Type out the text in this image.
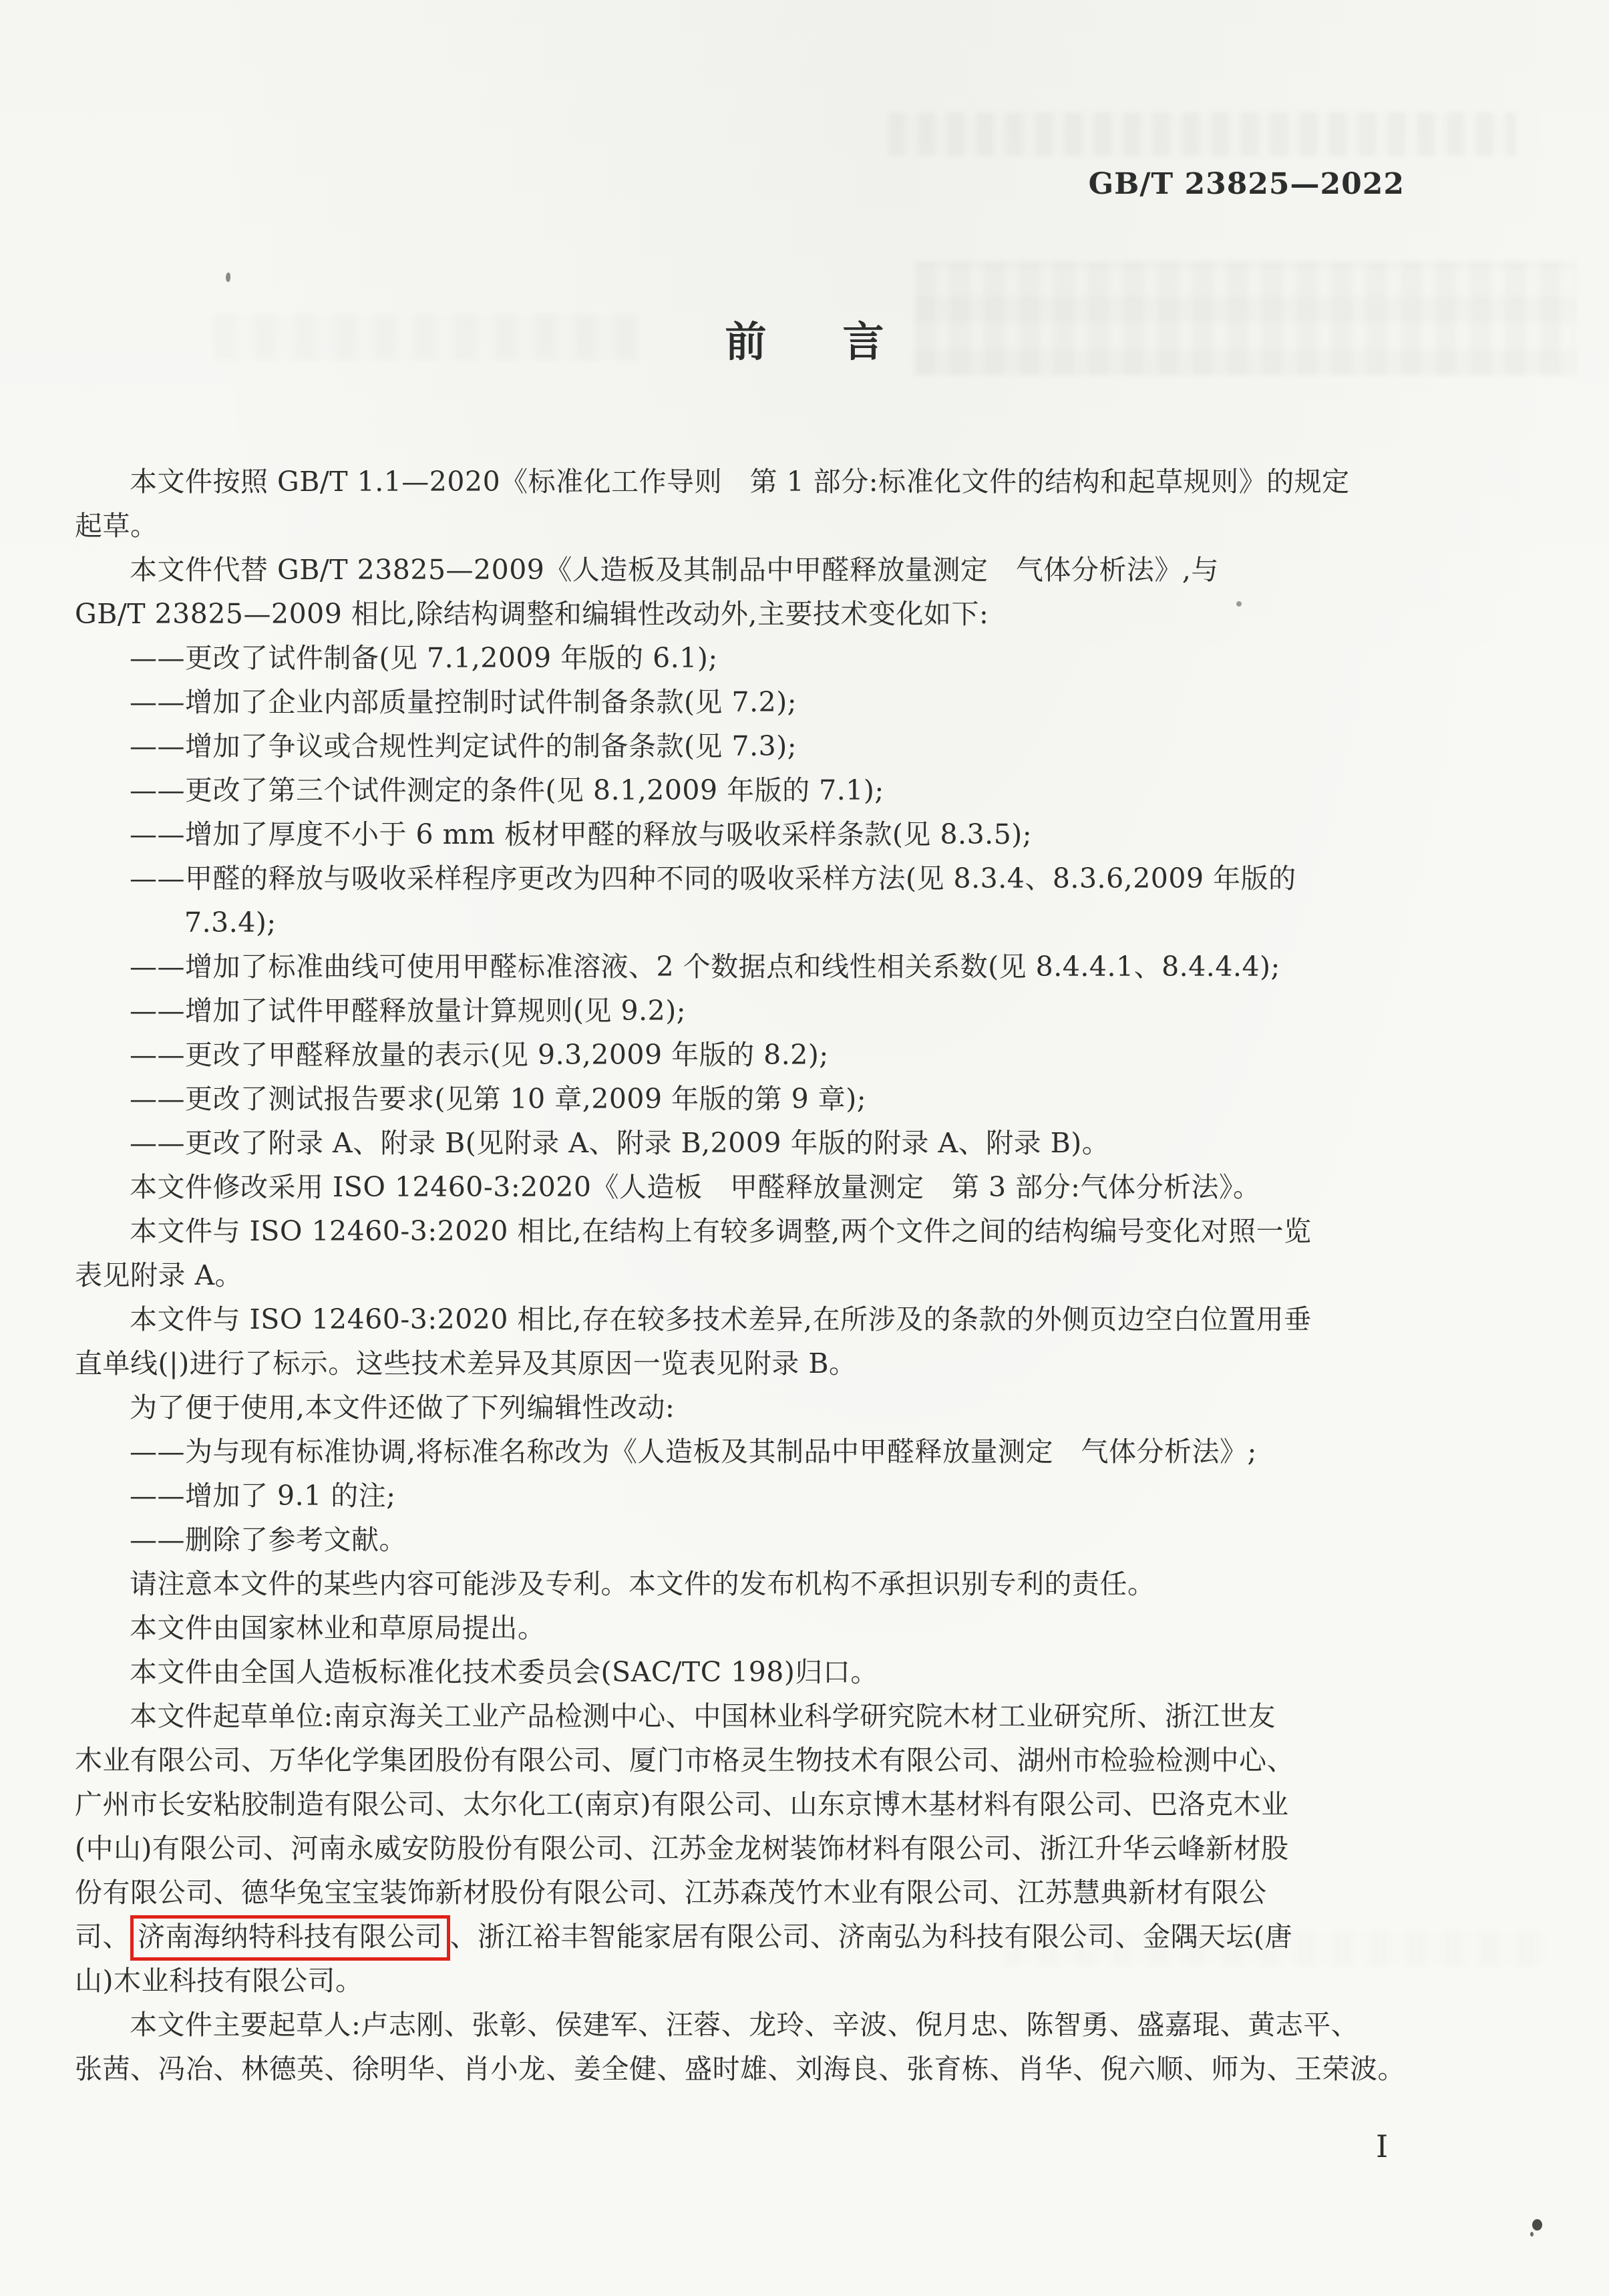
GB/T 23825—2022
前　言

本文件按照 GB/T 1.1—2020《标准化工作导则　第 1 部分:标准化文件的结构和起草规则》的规定

起草。

本文件代替 GB/T 23825—2009《人造板及其制品中甲醛释放量测定　气体分析法》,与

GB/T 23825—2009 相比,除结构调整和编辑性改动外,主要技术变化如下:

——更改了试件制备(见 7.1,2009 年版的 6.1);

——增加了企业内部质量控制时试件制备条款(见 7.2);

——增加了争议或合规性判定试件的制备条款(见 7.3);

——更改了第三个试件测定的条件(见 8.1,2009 年版的 7.1);

——增加了厚度不小于 6 mm 板材甲醛的释放与吸收采样条款(见 8.3.5);

——甲醛的释放与吸收采样程序更改为四种不同的吸收采样方法(见 8.3.4、8.3.6,2009 年版的

7.3.4);

——增加了标准曲线可使用甲醛标准溶液、2 个数据点和线性相关系数(见 8.4.4.1、8.4.4.4);

——增加了试件甲醛释放量计算规则(见 9.2);

——更改了甲醛释放量的表示(见 9.3,2009 年版的 8.2);

——更改了测试报告要求(见第 10 章,2009 年版的第 9 章);

——更改了附录 A、附录 B(见附录 A、附录 B,2009 年版的附录 A、附录 B)。

本文件修改采用 ISO 12460-3:2020《人造板　甲醛释放量测定　第 3 部分:气体分析法》。

本文件与 ISO 12460-3:2020 相比,在结构上有较多调整,两个文件之间的结构编号变化对照一览

表见附录 A。

本文件与 ISO 12460-3:2020 相比,存在较多技术差异,在所涉及的条款的外侧页边空白位置用垂

直单线(|)进行了标示。这些技术差异及其原因一览表见附录 B。

为了便于使用,本文件还做了下列编辑性改动:

——为与现有标准协调,将标准名称改为《人造板及其制品中甲醛释放量测定　气体分析法》;

——增加了 9.1 的注;

——删除了参考文献。

请注意本文件的某些内容可能涉及专利。本文件的发布机构不承担识别专利的责任。

本文件由国家林业和草原局提出。

本文件由全国人造板标准化技术委员会(SAC/TC 198)归口。

本文件起草单位:南京海关工业产品检测中心、中国林业科学研究院木材工业研究所、浙江世友

木业有限公司、万华化学集团股份有限公司、厦门市格灵生物技术有限公司、湖州市检验检测中心、

广州市长安粘胶制造有限公司、太尔化工(南京)有限公司、山东京博木基材料有限公司、巴洛克木业

(中山)有限公司、河南永威安防股份有限公司、江苏金龙树装饰材料有限公司、浙江升华云峰新材股

份有限公司、德华兔宝宝装饰新材股份有限公司、江苏森茂竹木业有限公司、江苏慧典新材有限公

司、 济南海纳特科技有限公司 、浙江裕丰智能家居有限公司、济南弘为科技有限公司、金隅天坛(唐

山)木业科技有限公司。

本文件主要起草人:卢志刚、张彰、侯建军、汪蓉、龙玲、辛波、倪月忠、陈智勇、盛嘉琨、黄志平、

张茜、冯冶、林德英、徐明华、肖小龙、姜全健、盛时雄、刘海良、张育栋、肖华、倪六顺、师为、王荣波。

I
